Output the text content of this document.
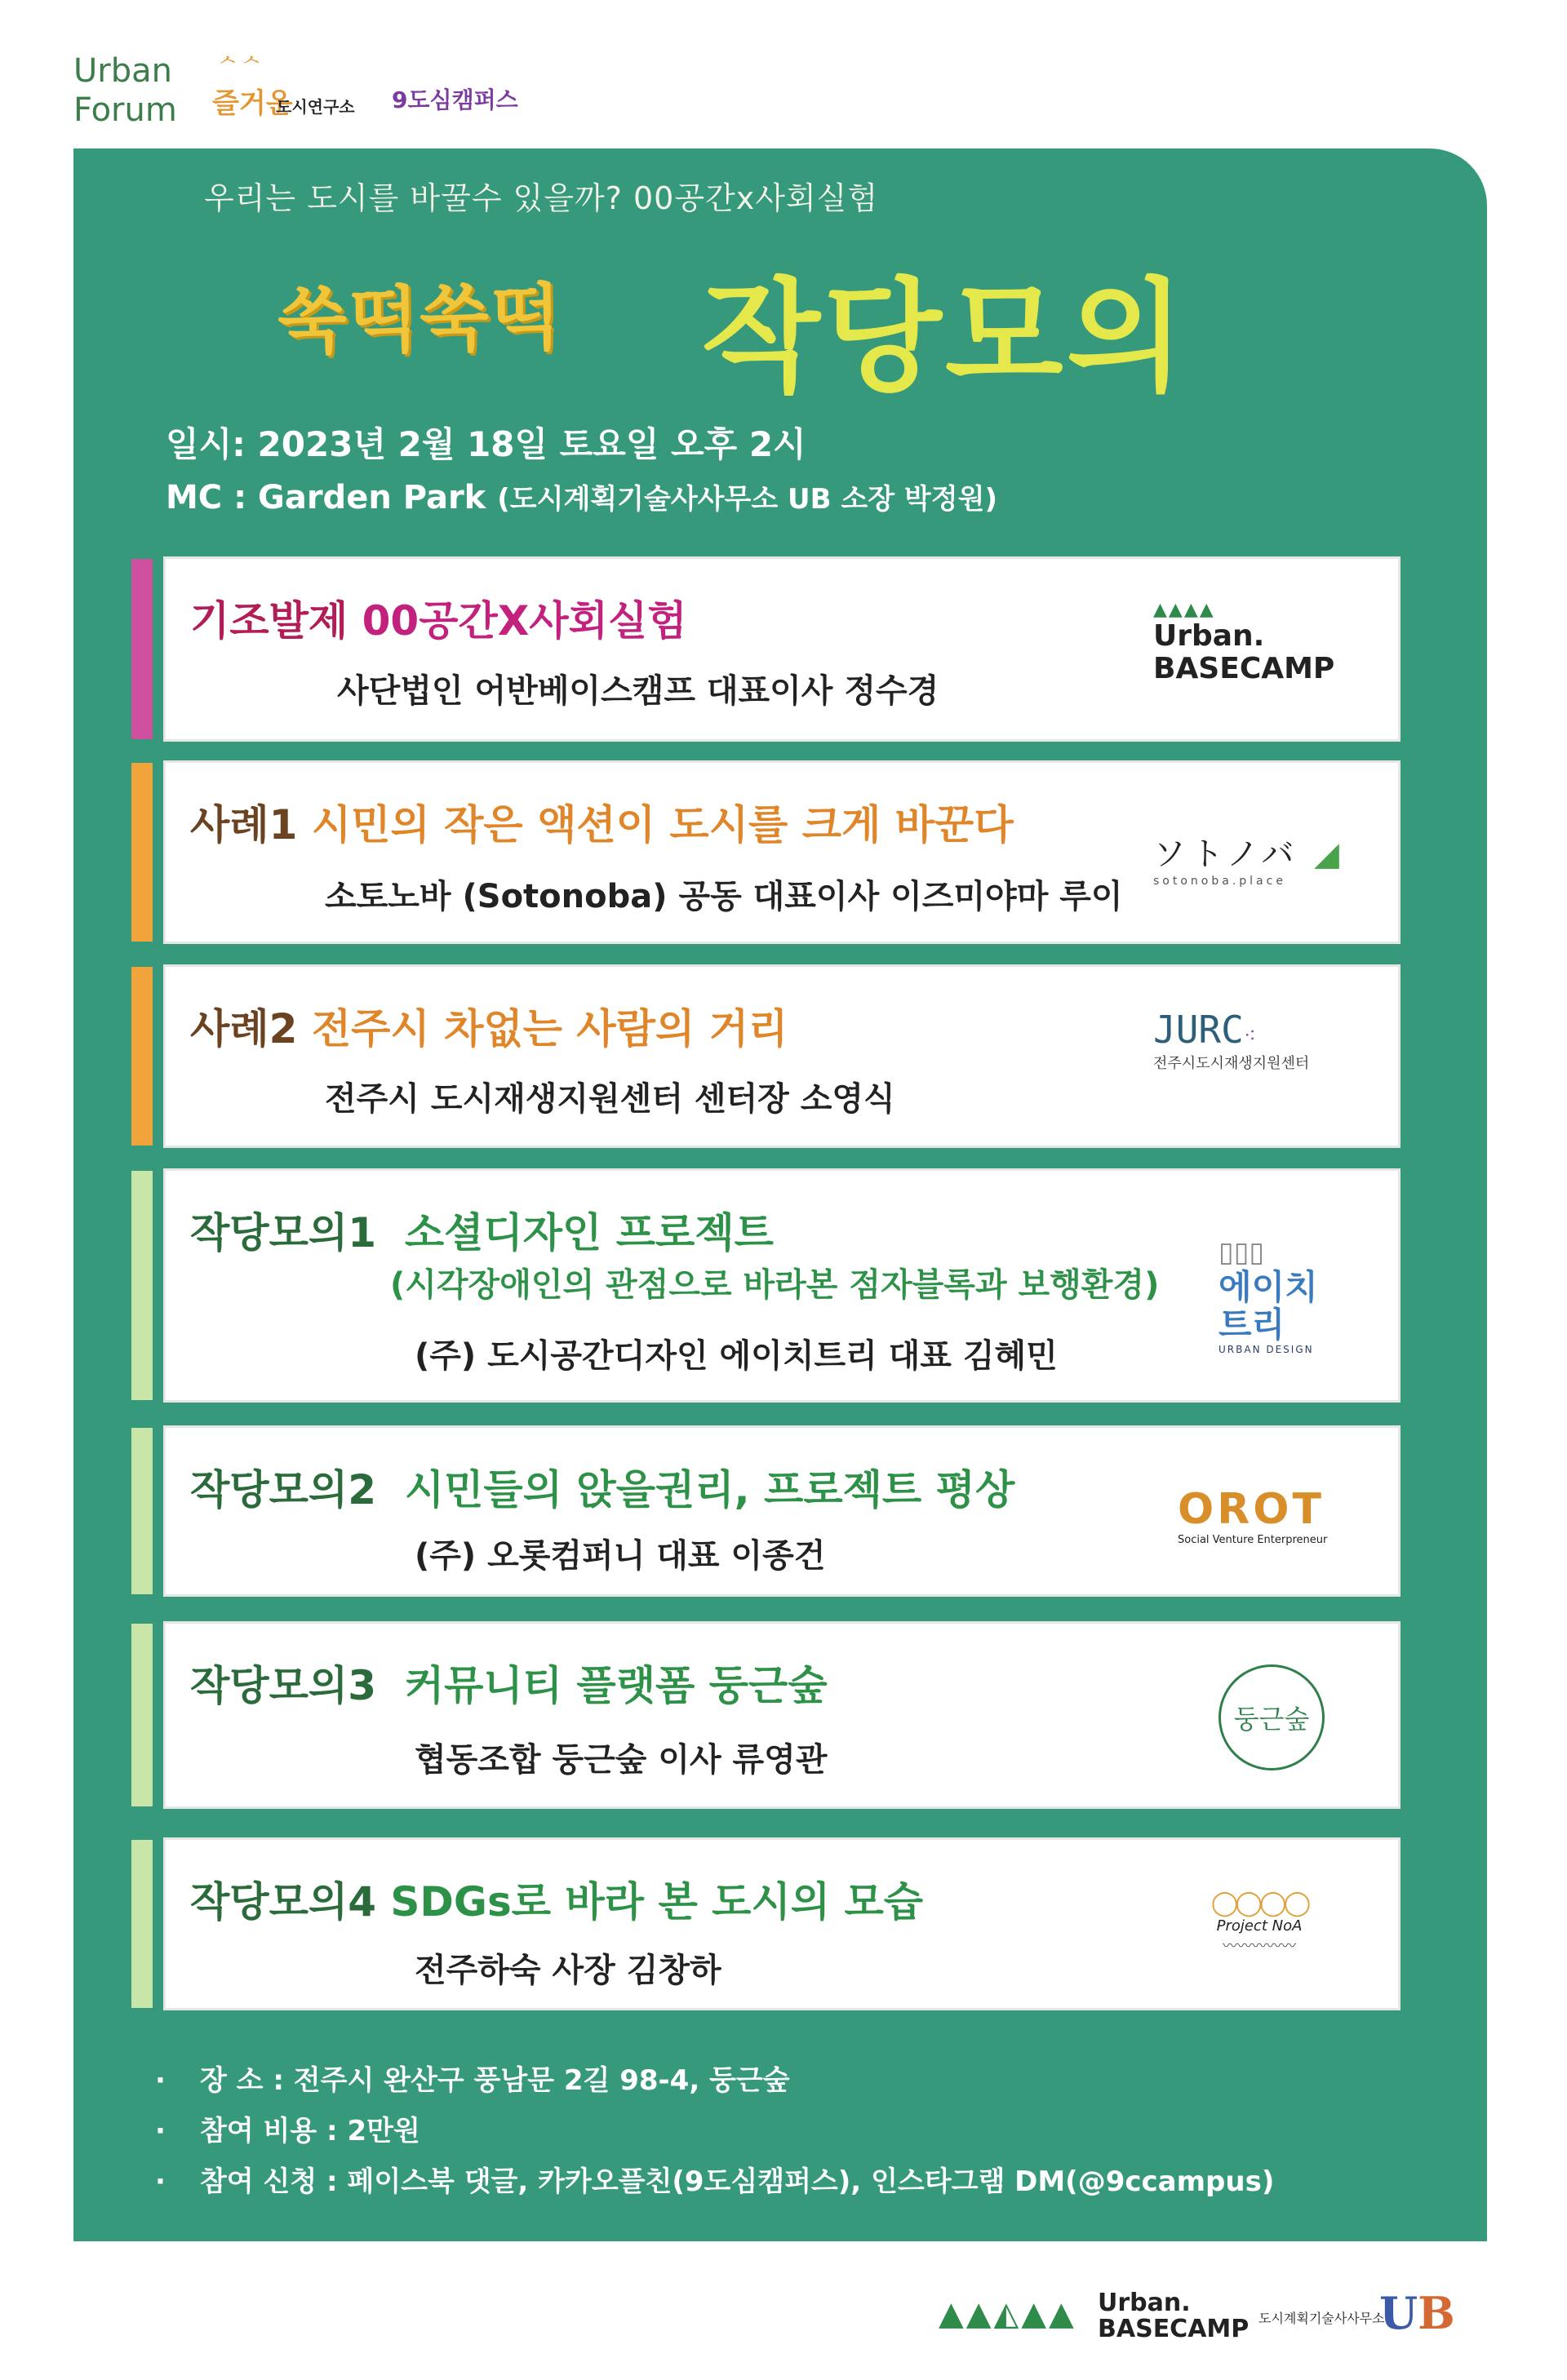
Urban
Forum
ᄉᄉ
즐거운
도시연구소 9도심캠퍼스
우리는 도시를 바꿀수 있을까? 00공간x사회실험
쑥떡쑥떡 작당모의
일시: 2023년 2월 18일 토요일 오후 2시
MC : Garden Park (도시계획기술사사무소 UB 소장 박정원)
기조발제 00공간X사회실험
사단법인 어반베이스캠프 대표이사 정수경
▲▲▲▲
Urban. BASECAMP
사례1 시민의 작은 액션이 도시를 크게 바꾼다
소토노바 (Sotonoba) 공동 대표이사 이즈미야마 루이
ソトノバ ◢
sotonoba.place
사례2 전주시 차없는 사람의 거리
전주시 도시재생지원센터 센터장 소영식
JURC⁖
전주시도시재생지원센터
작당모의1 소셜디자인 프로젝트
(시각장애인의 관점으로 바라본 점자블록과 보행환경)
(주) 도시공간디자인 에이치트리 대표 김혜민
▯▯▯
에이치트리
URBAN DESIGN
작당모의2 시민들의 앉을권리, 프로젝트 평상
(주) 오롯컴퍼니 대표 이종건
OROT
Social Venture Enterpreneur
작당모의3 커뮤니티 플랫폼 둥근숲
협동조합 둥근숲 이사 류영관
둥근숲
작당모의4 SDGs로 바라 본 도시의 모습
전주하숙 사장 김창하
◯◯◯◯
Project NoA
〰〰〰〰〰
· 장 소 : 전주시 완산구 풍남문 2길 98-4, 둥근숲
· 참여 비용 : 2만원
· 참여 신청 : 페이스북 댓글, 카카오플친(9도심캠퍼스), 인스타그램 DM(@9ccampus)
▲▲◭▲▲ Urban.
BASECAMP 도시계획기술사사무소
UB
